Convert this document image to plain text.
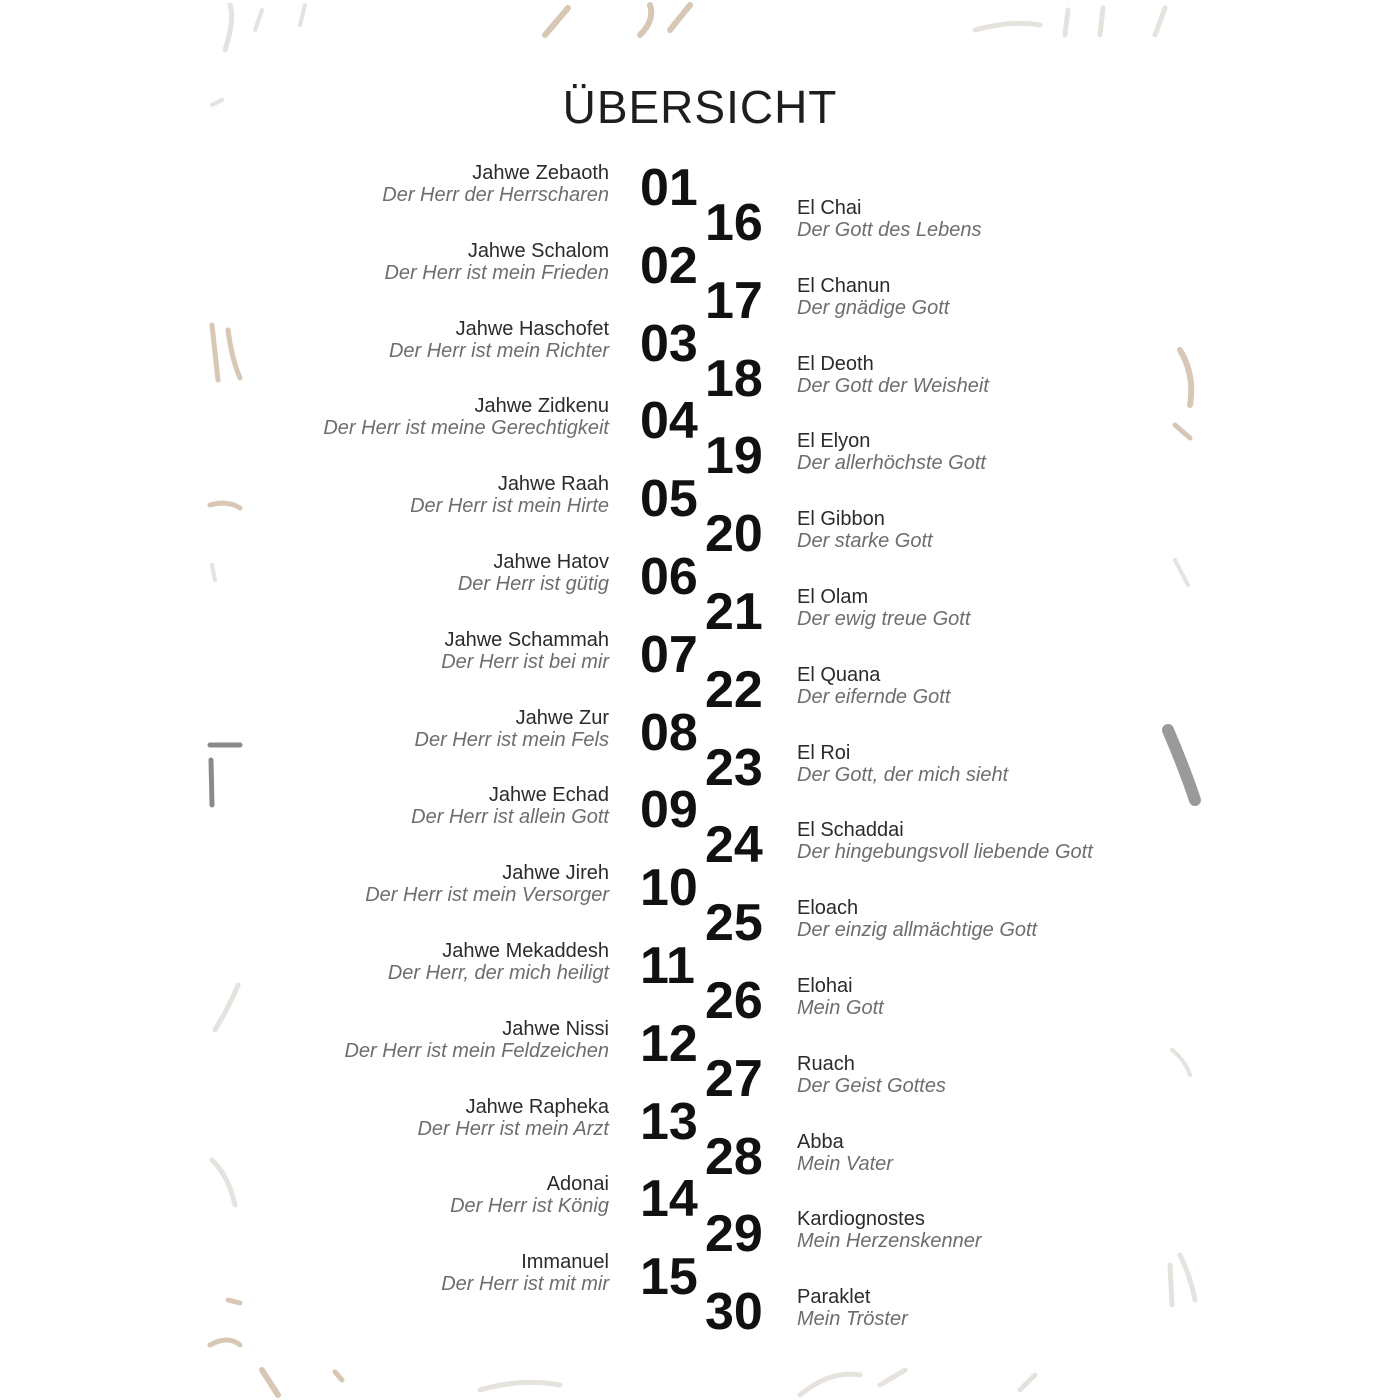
ÜBERSICHT
01
Jahwe Zebaoth
Der Herr der Herrscharen
02
Jahwe Schalom
Der Herr ist mein Frieden
03
Jahwe Haschofet
Der Herr ist mein Richter
04
Jahwe Zidkenu
Der Herr ist meine Gerechtigkeit
05
Jahwe Raah
Der Herr ist mein Hirte
06
Jahwe Hatov
Der Herr ist gütig
07
Jahwe Schammah
Der Herr ist bei mir
08
Jahwe Zur
Der Herr ist mein Fels
09
Jahwe Echad
Der Herr ist allein Gott
10
Jahwe Jireh
Der Herr ist mein Versorger
11
Jahwe Mekaddesh
Der Herr, der mich heiligt
12
Jahwe Nissi
Der Herr ist mein Feldzeichen
13
Jahwe Rapheka
Der Herr ist mein Arzt
14
Adonai
Der Herr ist König
15
Immanuel
Der Herr ist mit mir
16 El Chai
Der Gott des Lebens
17 El Chanun
Der gnädige Gott
18 El Deoth
Der Gott der Weisheit
19 El Elyon
Der allerhöchste Gott
20 El Gibbon
Der starke Gott
21 El Olam
Der ewig treue Gott
22 El Quana
Der eifernde Gott
23 El Roi
Der Gott, der mich sieht
24 El Schaddai
Der hingebungsvoll liebende Gott
25 Eloach
Der einzig allmächtige Gott
26 Elohai
Mein Gott
27 Ruach
Der Geist Gottes
28 Abba
Mein Vater
29 Kardiognostes
Mein Herzenskenner
30 Paraklet
Mein Tröster
